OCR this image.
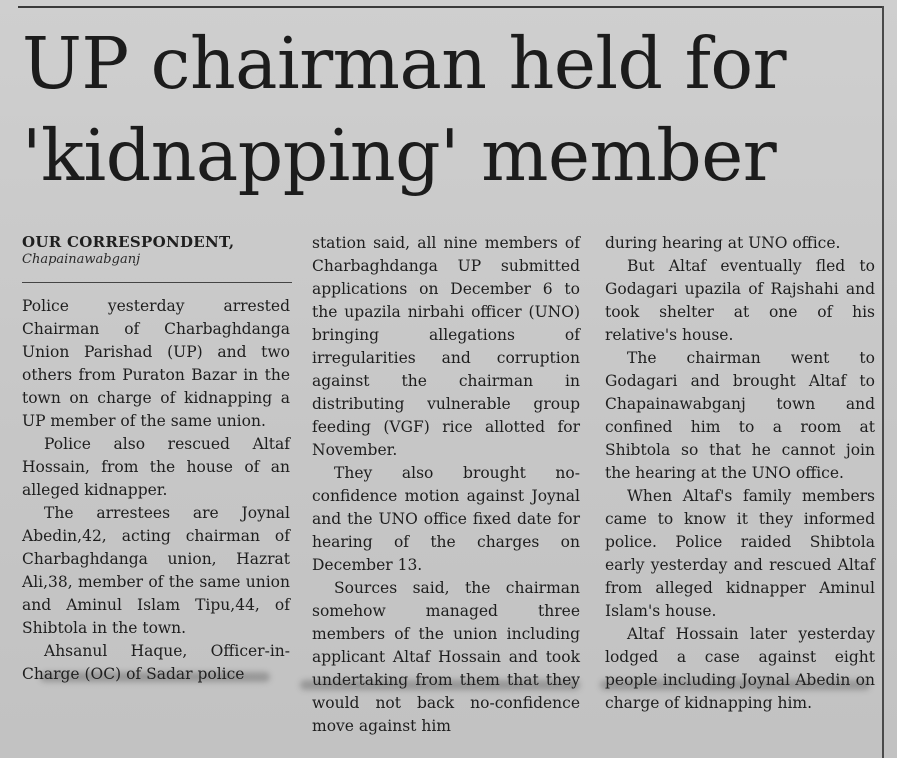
UP chairman held for
'kidnapping' member
OUR CORRESPONDENT,
Chapainawabganj

Police yesterday arrested Chairman of Charbaghdanga Union Parishad (UP) and two others from Puraton Bazar in the town on charge of kidnapping a UP member of the same union.

Police also rescued Altaf Hossain, from the house of an alleged kidnapper.

The arrestees are Joynal Abedin,42, acting chairman of Charbaghdanga union, Hazrat Ali,38, member of the same union and Aminul Islam Tipu,44, of Shibtola in the town.

Ahsanul Haque, Officer-in-Charge (OC) of Sadar police

station said, all nine members of Charbaghdanga UP submitted applications on December 6 to the upazila nirbahi officer (UNO) bringing allegations of irregularities and corruption against the chairman in distributing vulnerable group feeding (VGF) rice allotted for November.

They also brought no-confidence motion against Joynal and the UNO office fixed date for hearing of the charges on December 13.

Sources said, the chairman somehow managed three members of the union including applicant Altaf Hossain and took undertaking from them that they would not back no-confidence move against him

during hearing at UNO office.

But Altaf eventually fled to Godagari upazila of Rajshahi and took shelter at one of his relative's house.

The chairman went to Godagari and brought Altaf to Chapainawabganj town and confined him to a room at Shibtola so that he cannot join the hearing at the UNO office.

When Altaf's family members came to know it they informed police. Police raided Shibtola early yesterday and rescued Altaf from alleged kidnapper Aminul Islam's house.

Altaf Hossain later yesterday lodged a case against eight people including Joynal Abedin on charge of kidnapping him.
